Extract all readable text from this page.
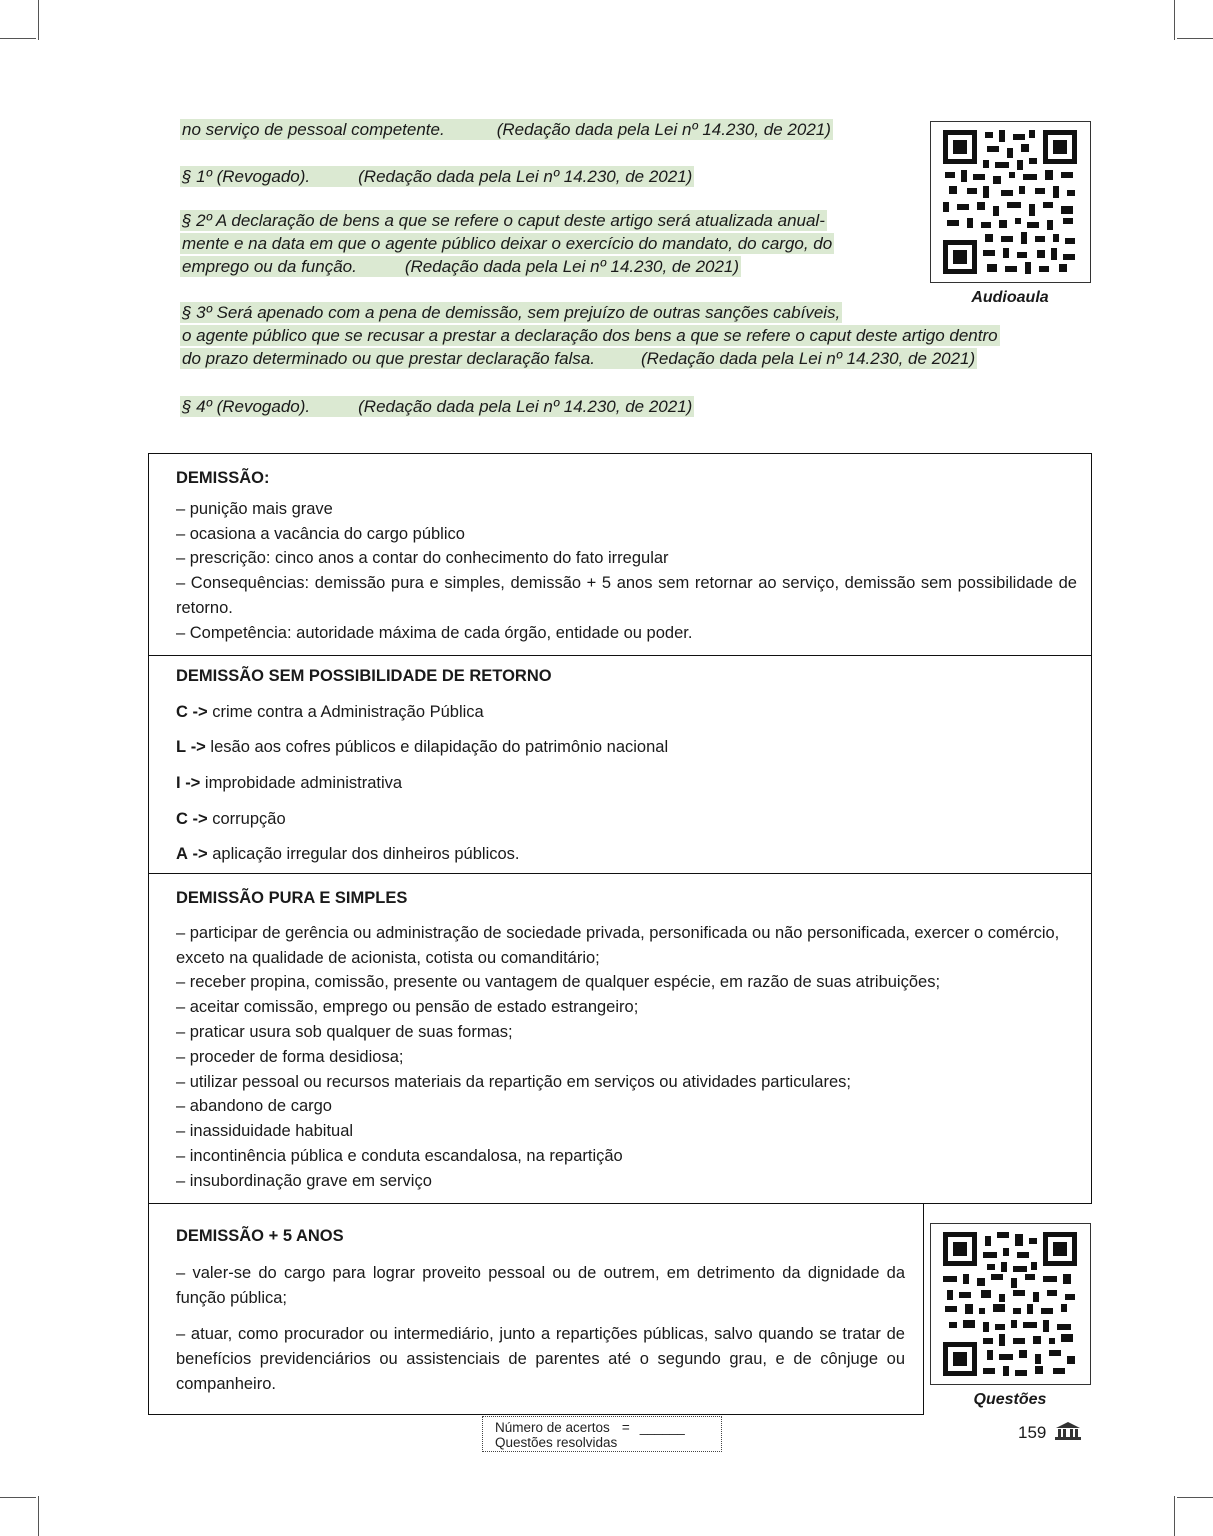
no serviço de pessoal competente.	(Redação dada pela Lei nº 14.230, de 2021)
§ 1º (Revogado).	(Redação dada pela Lei nº 14.230, de 2021)
§ 2º A declaração de bens a que se refere o caput deste artigo será atualizada anual-
mente e na data em que o agente público deixar o exercício do mandato, do cargo, do
emprego ou da função.	(Redação dada pela Lei nº 14.230, de 2021)
§ 3º Será apenado com a pena de demissão, sem prejuízo de outras sanções cabíveis,
o agente público que se recusar a prestar a declaração dos bens a que se refere o caput deste artigo dentro
do prazo determinado ou que prestar declaração falsa.	(Redação dada pela Lei nº 14.230, de 2021)
§ 4º (Revogado).	(Redação dada pela Lei nº 14.230, de 2021)
Audioaula
DEMISSÃO:
– punição mais grave
– ocasiona a vacância do cargo público
– prescrição: cinco anos a contar do conhecimento do fato irregular
– Consequências: demissão pura e simples, demissão + 5 anos sem retornar ao serviço, demissão sem possibilidade de retorno.
– Competência: autoridade máxima de cada órgão, entidade ou poder.
DEMISSÃO SEM POSSIBILIDADE DE RETORNO
C -> crime contra a Administração Pública
L -> lesão aos cofres públicos e dilapidação do patrimônio nacional
I -> improbidade administrativa
C -> corrupção
A -> aplicação irregular dos dinheiros públicos.
DEMISSÃO PURA E SIMPLES
– participar de gerência ou administração de sociedade privada, personificada ou não personificada, exercer o comércio, exceto na qualidade de acionista, cotista ou comanditário;
– receber propina, comissão, presente ou vantagem de qualquer espécie, em razão de suas atribuições;
– aceitar comissão, emprego ou pensão de estado estrangeiro;
– praticar usura sob qualquer de suas formas;
– proceder de forma desidiosa;
– utilizar pessoal ou recursos materiais da repartição em serviços ou atividades particulares;
– abandono de cargo
– inassiduidade habitual
– incontinência pública e conduta escandalosa, na repartição
– insubordinação grave em serviço
DEMISSÃO + 5 ANOS
– valer-se do cargo para lograr proveito pessoal ou de outrem, em detrimento da dignidade da função pública;
– atuar, como procurador ou intermediário, junto a repartições públicas, salvo quando se tratar de benefícios previdenciários ou assistenciais de parentes até o segundo grau, e de cônjuge ou companheiro.
Questões
Número de acertos = ______
Questões resolvidas
159
